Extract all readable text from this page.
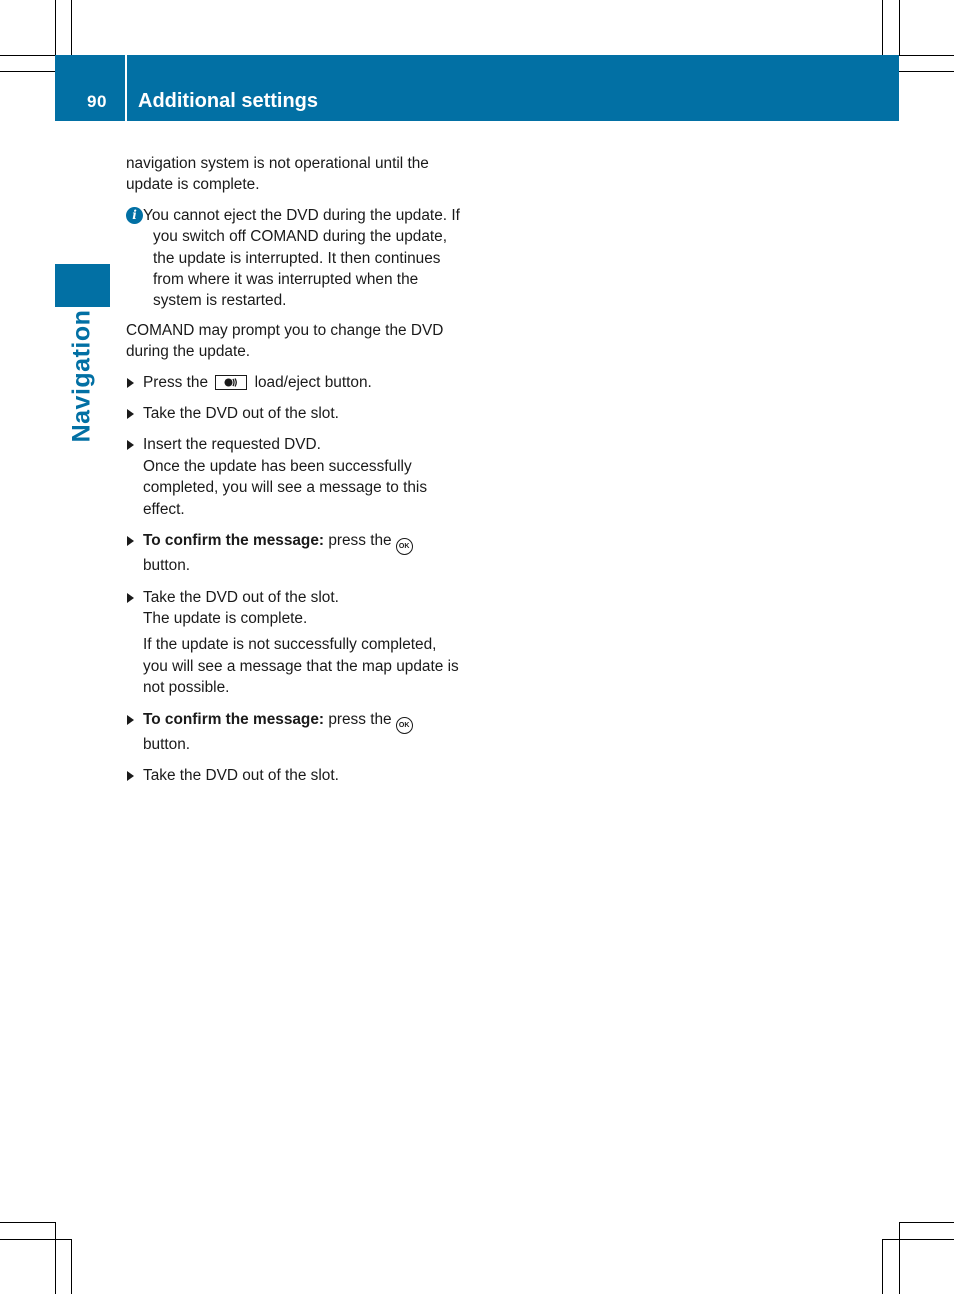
90 Additional settings
Navigation

navigation system is not operational until the update is complete.

i You cannot eject the DVD during the update. If you switch off COMAND during the update, the update is interrupted. It then continues from where it was interrupted when the system is restarted.

COMAND may prompt you to change the DVD during the update.

Press the	load/eject button.

Take the DVD out of the slot.

Insert the requested DVD.
Once the update has been successfully completed, you will see a message to this effect.

To confirm the message: press the OK
button.

Take the DVD out of the slot.
The update is complete.
If the update is not successfully completed, you will see a message that the map update is not possible.

To confirm the message: press the OK
button.

Take the DVD out of the slot.
